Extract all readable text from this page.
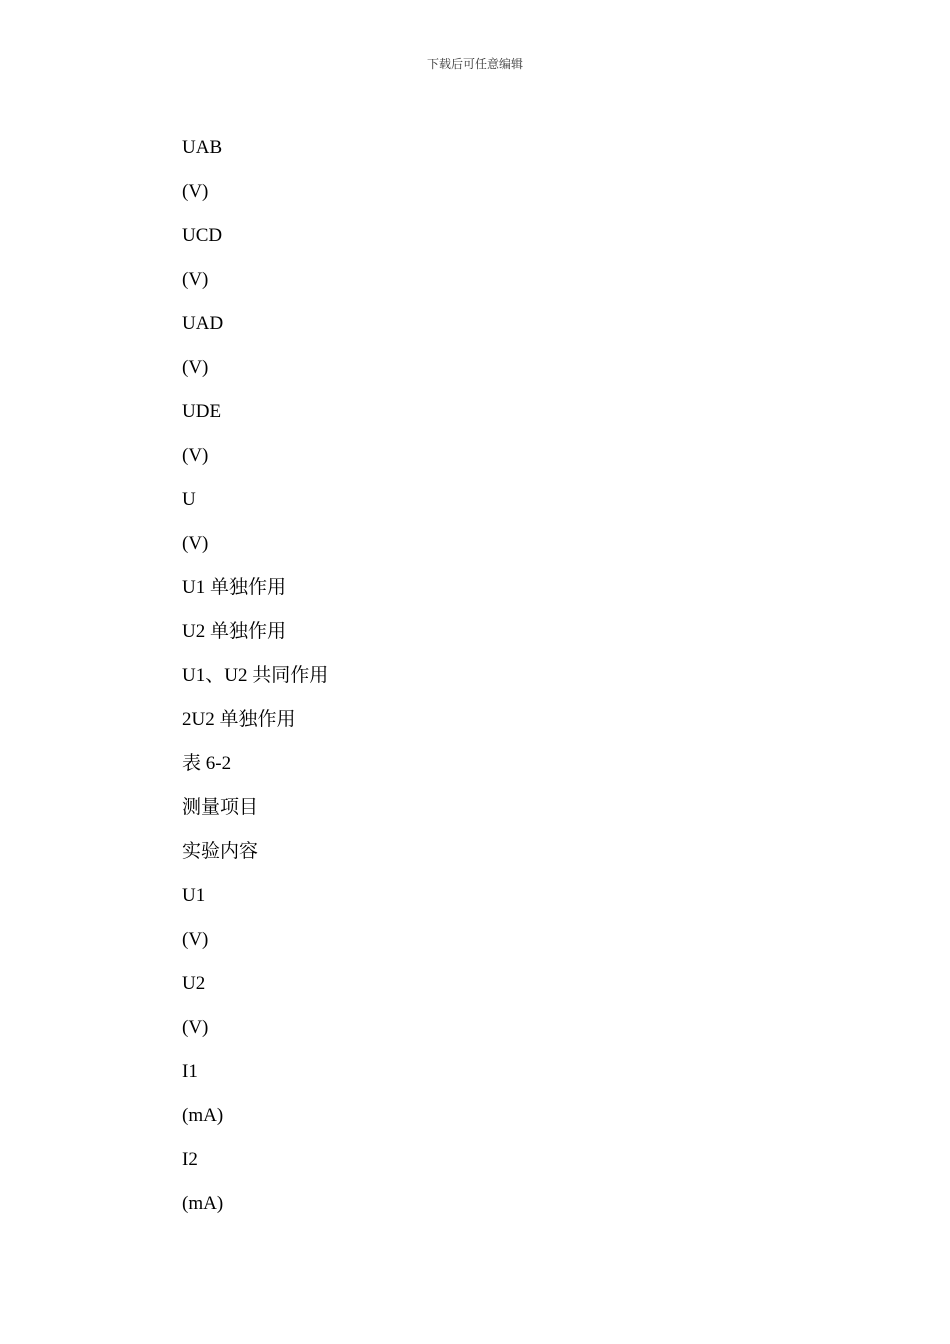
下载后可任意编辑
UAB
(V)
UCD
(V)
UAD
(V)
UDE
(V)
U
(V)
U1 单独作用
U2 单独作用
U1、U2 共同作用
2U2 单独作用
表 6-2
测量项目
实验内容
U1
(V)
U2
(V)
I1
(mA)
I2
(mA)
